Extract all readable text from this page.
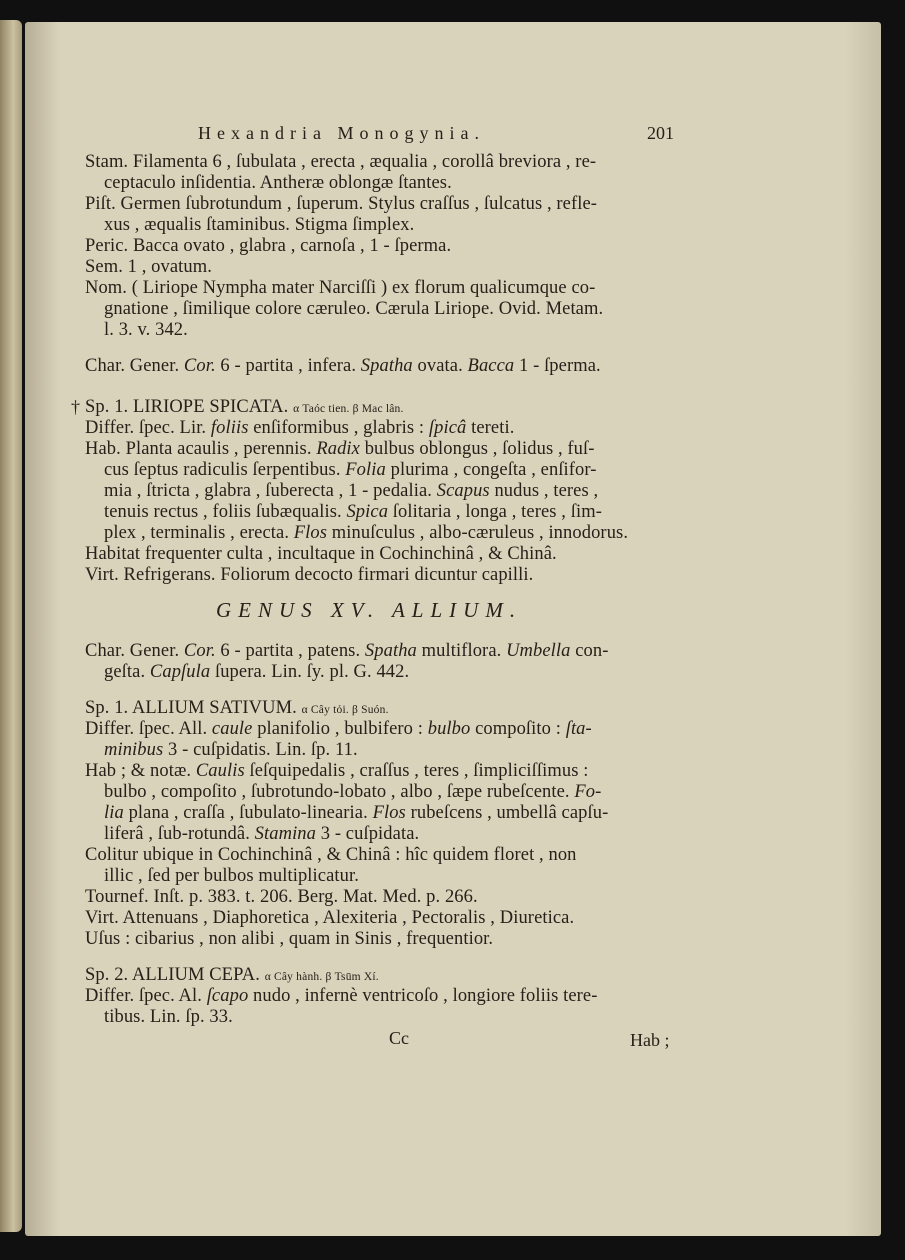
Hexandria Monogynia.	201
Stam. Filamenta 6 , ſubulata , erecta , æqualia , corollâ breviora , re-
ceptaculo inſidentia. Antheræ oblongæ ſtantes.
Piſt. Germen ſubrotundum , ſuperum. Stylus craſſus , ſulcatus , refle-
xus , æqualis ſtaminibus. Stigma ſimplex.
Peric. Bacca ovato , glabra , carnoſa , 1 - ſperma.
Sem. 1 , ovatum.
Nom. ( Liriope Nympha mater Narciſſi ) ex florum qualicumque co-
gnatione , ſimilique colore cæruleo. Cærula Liriope. Ovid. Metam.
l. 3. v. 342.
Char. Gener. Cor. 6 - partita , infera. Spatha ovata. Bacca 1 - ſperma.
† Sp. 1. LIRIOPE SPICATA. α Taóc tien. β Mac lân.
Differ. ſpec. Lir. foliis enſiformibus , glabris : ſpicâ tereti.
Hab. Planta acaulis , perennis. Radix bulbus oblongus , ſolidus , fuſ-
cus ſeptus radiculis ſerpentibus. Folia plurima , congeſta , enſifor-
mia , ſtricta , glabra , ſuberecta , 1 - pedalia. Scapus nudus , teres ,
tenuis rectus , foliis ſubæqualis. Spica ſolitaria , longa , teres , ſim-
plex , terminalis , erecta. Flos minuſculus , albo-cæruleus , innodorus.
Habitat frequenter culta , incultaque in Cochinchinâ , & Chinâ.
Virt. Refrigerans. Foliorum decocto firmari dicuntur capilli.
GENUS XV. ALLIUM.
Char. Gener. Cor. 6 - partita , patens. Spatha multiflora. Umbella con-
geſta. Capſula ſupera. Lin. ſy. pl. G. 442.
Sp. 1. ALLIUM SATIVUM. α Cây tỏi. β Suón.
Differ. ſpec. All. caule planifolio , bulbifero : bulbo compoſito : ſta-
minibus 3 - cuſpidatis. Lin. ſp. 11.
Hab ; & notæ. Caulis ſeſquipedalis , craſſus , teres , ſimpliciſſimus :
bulbo , compoſito , ſubrotundo-lobato , albo , ſæpe rubeſcente. Fo-
lia plana , craſſa , ſubulato-linearia. Flos rubeſcens , umbellâ capſu-
liferâ , ſub-rotundâ. Stamina 3 - cuſpidata.
Colitur ubique in Cochinchinâ , & Chinâ : hîc quidem floret , non
illic , ſed per bulbos multiplicatur.
Tournef. Inſt. p. 383. t. 206. Berg. Mat. Med. p. 266.
Virt. Attenuans , Diaphoretica , Alexiteria , Pectoralis , Diuretica.
Uſus : cibarius , non alibi , quam in Sinis , frequentior.
Sp. 2. ALLIUM CEPA. α Cây hành. β Tsūm Xí.
Differ. ſpec. Al. ſcapo nudo , infernè ventricoſo , longiore foliis tere-
tibus. Lin. ſp. 33.
Cc	Hab ;
